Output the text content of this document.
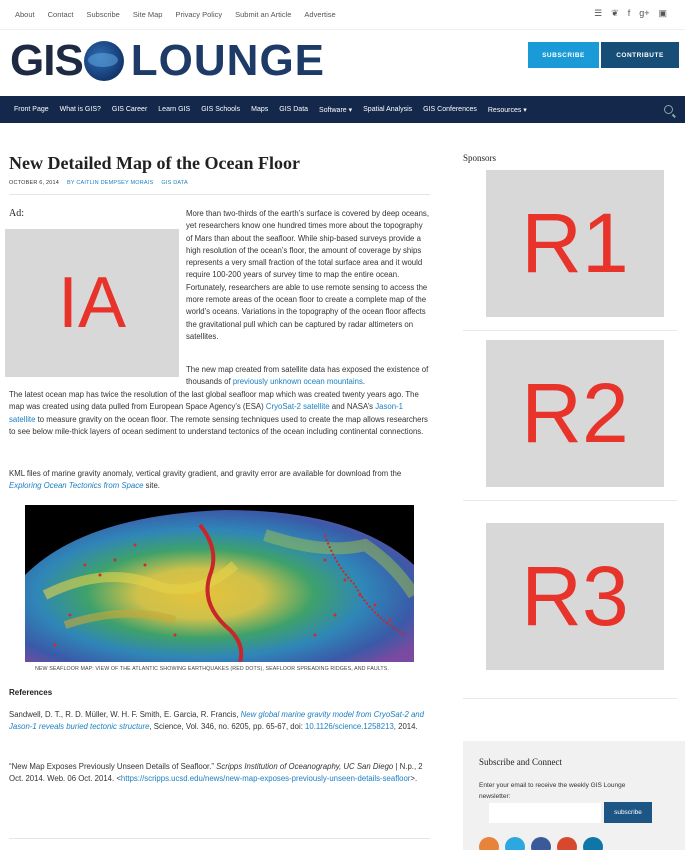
About Contact Subscribe Site Map Privacy Policy Submit an Article Advertise	☰ ❦ f g+ ▣
GIS LOUNGE	SUBSCRIBE	CONTRIBUTE
Front Page What is GIS? GIS Career Learn GIS GIS Schools Maps GIS Data Software ▾ Spatial Analysis GIS Conferences Resources ▾
New Detailed Map of the Ocean Floor
OCTOBER 6, 2014 BY CAITLIN DEMPSEY MORAIS GIS DATA
Ad:
IA

More than two-thirds of the earth’s surface is covered by deep oceans, yet researchers know one hundred times more about the topography of Mars than about the seafloor. While ship-based surveys provide a high resolution of the ocean’s floor, the amount of coverage by ships represents a very small fraction of the total surface area and it would require 100-200 years of survey time to map the entire ocean. Fortunately, researchers are able to use remote sensing to access the more remote areas of the ocean floor to create a complete map of the world’s oceans. Variations in the topography of the ocean floor affects the gravitational pull which can be captured by radar altimeters on satellites.

The new map created from satellite data has exposed the existence of thousands of previously unknown ocean mountains.

The latest ocean map has twice the resolution of the last global seafloor map which was created twenty years ago. The map was created using data pulled from European Space Agency’s (ESA) CryoSat-2 satellite and NASA’s Jason-1 satellite to measure gravity on the ocean floor. The remote sensing techniques used to create the map allows researchers to see below mile-thick layers of ocean sediment to understand tectonics of the ocean including continental connections.

KML files of marine gravity anomaly, vertical gravity gradient, and gravity error are available for download from the Exploring Ocean Tectonics from Space site.

NEW SEAFLOOR MAP: VIEW OF THE ATLANTIC SHOWING EARTHQUAKES (RED DOTS), SEAFLOOR SPREADING RIDGES, AND FAULTS.
References

Sandwell, D. T., R. D. Müller, W. H. F. Smith, E. Garcia, R. Francis, New global marine gravity model from CryoSat-2 and Jason-1 reveals buried tectonic structure, Science, Vol. 346, no. 6205, pp. 65-67, doi: 10.1126/science.1258213, 2014.

“New Map Exposes Previously Unseen Details of Seafloor.” Scripps Institution of Oceanography, UC San Diego | N.p., 2 Oct. 2014. Web. 06 Oct. 2014. <https://scripps.ucsd.edu/news/new-map-exposes-previously-unseen-details-seafloor>.

Sponsors
R1
R2
R3
Subscribe and Connect
Enter your email to receive the weekly GIS Lounge newsletter:
subscribe
